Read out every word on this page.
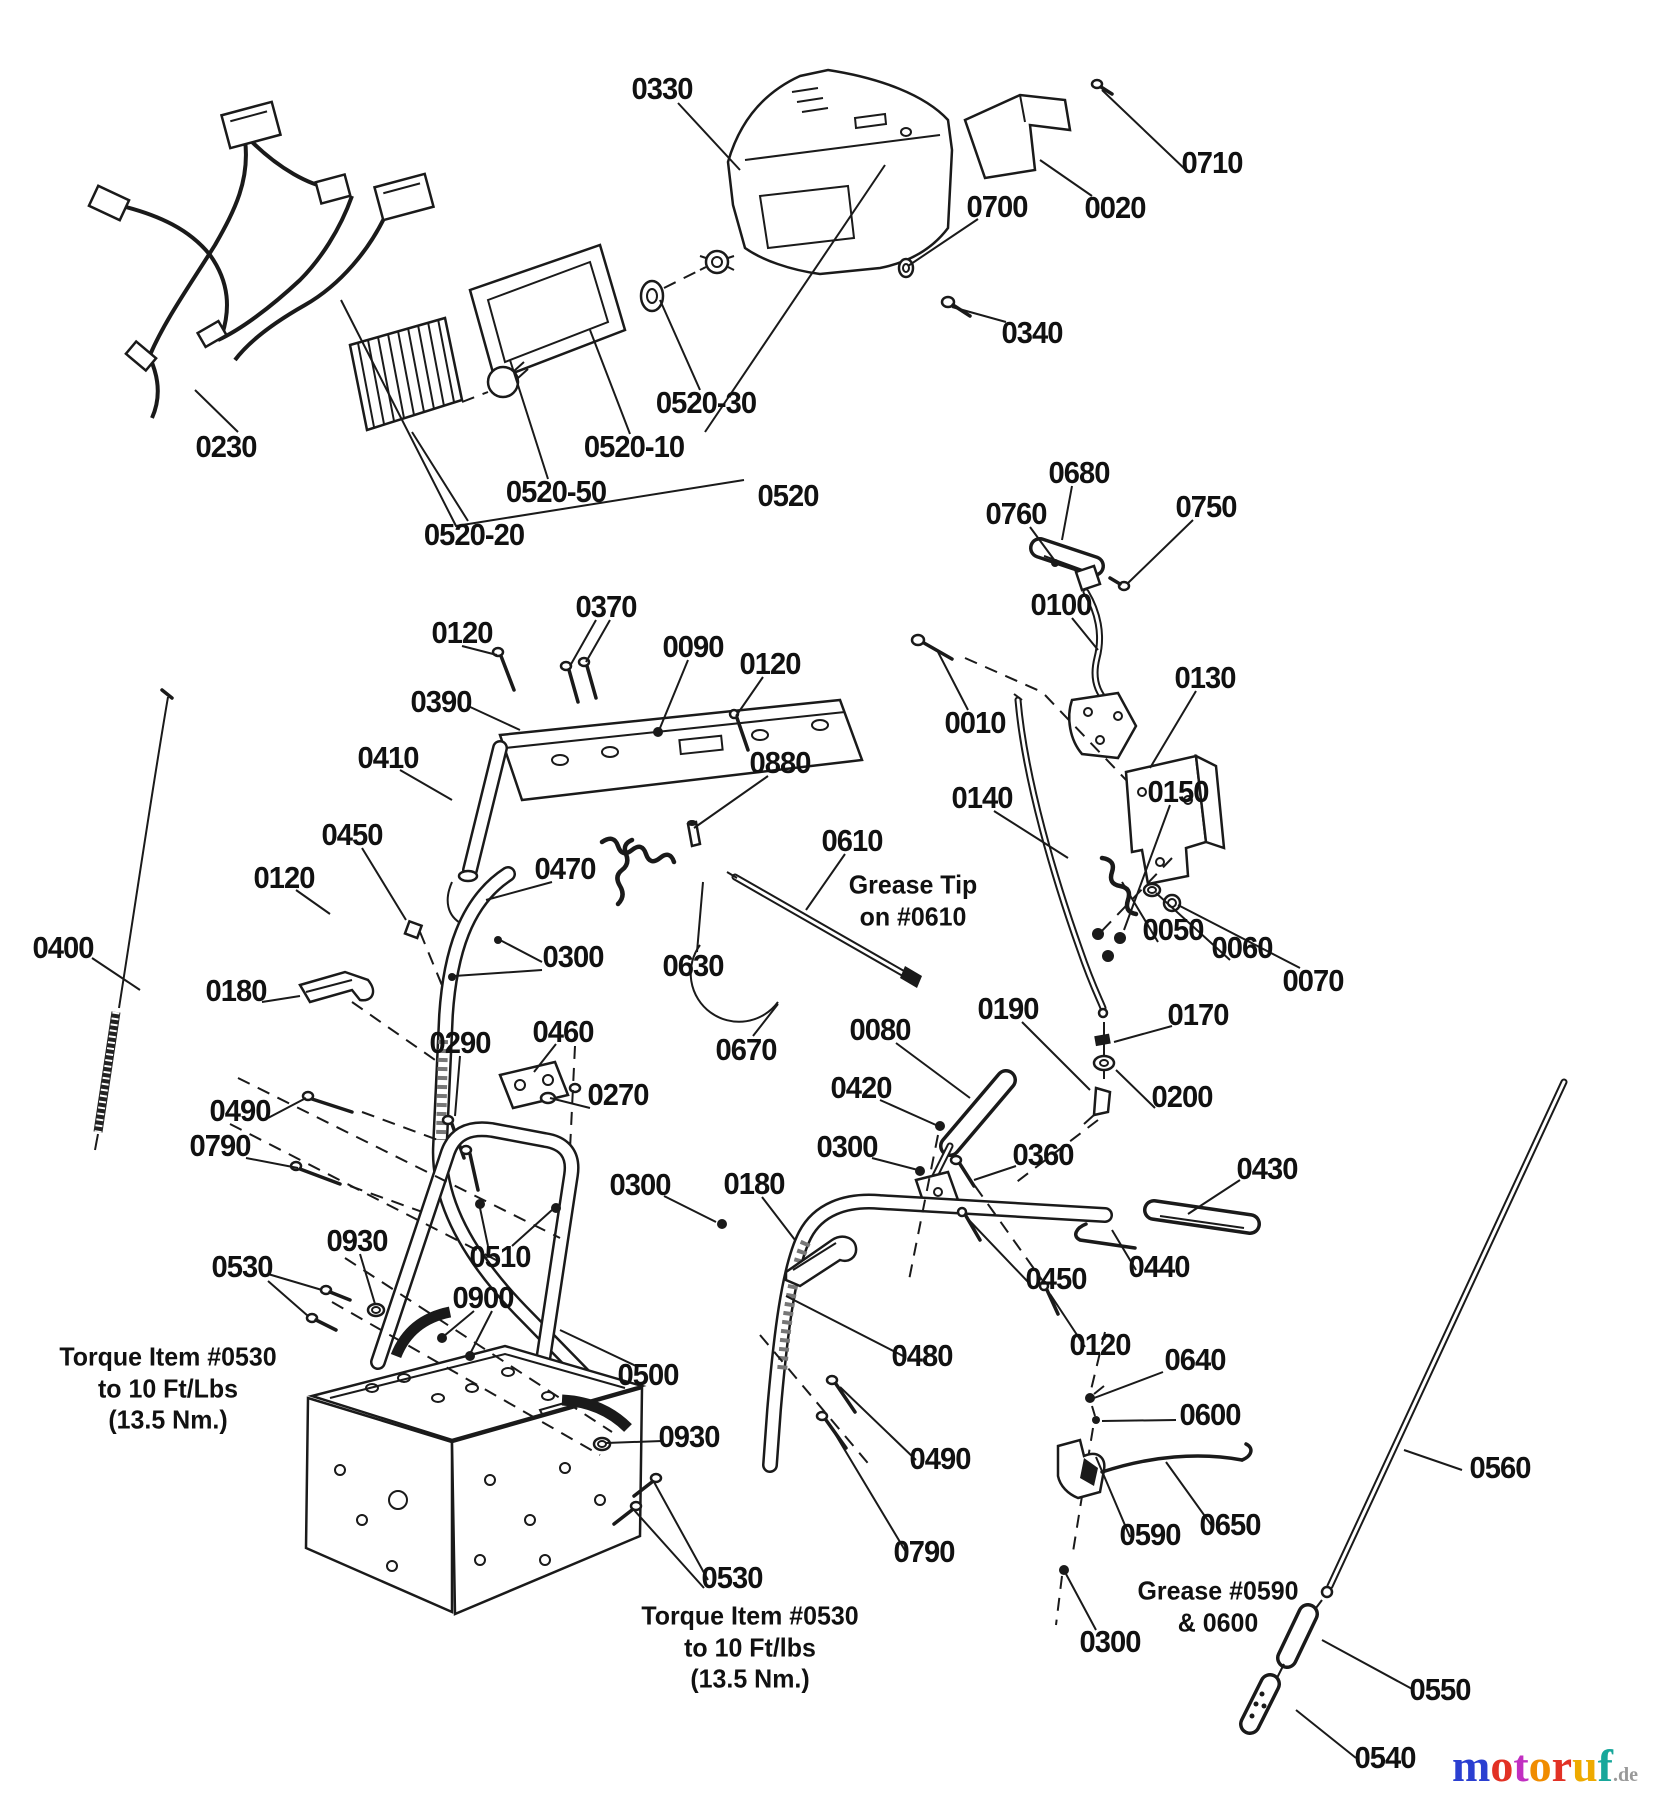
0330
0710
0700 0020
0340
0520-30
0230	0520-10
0680
0520-50	0520	0750
0760
0520-20
0100
0370
0120	0090 0120	0130
0390
0010
0410	0880
0150
0140
0450	0610
0470
0120
0050
0400	0060
0300 0630	0070
0180
0190	0170
0460	0080
0290	0670
0420
0270	0200
0490
0790	0300	0360	0430
0300 0180
0930	0510
0530	0440
0450
0900
0120
0480	0640
0500
0600
0930
0490	0560
0790
0650
0590
0530
0300
0550
0540
Grease Tip
on #0610
Torque Item #0530
to 10 Ft/Lbs
(13.5 Nm.)
Torque Item #0530
to 10 Ft/lbs
(13.5 Nm.)
Grease #0590
& 0600
motoruf.de
